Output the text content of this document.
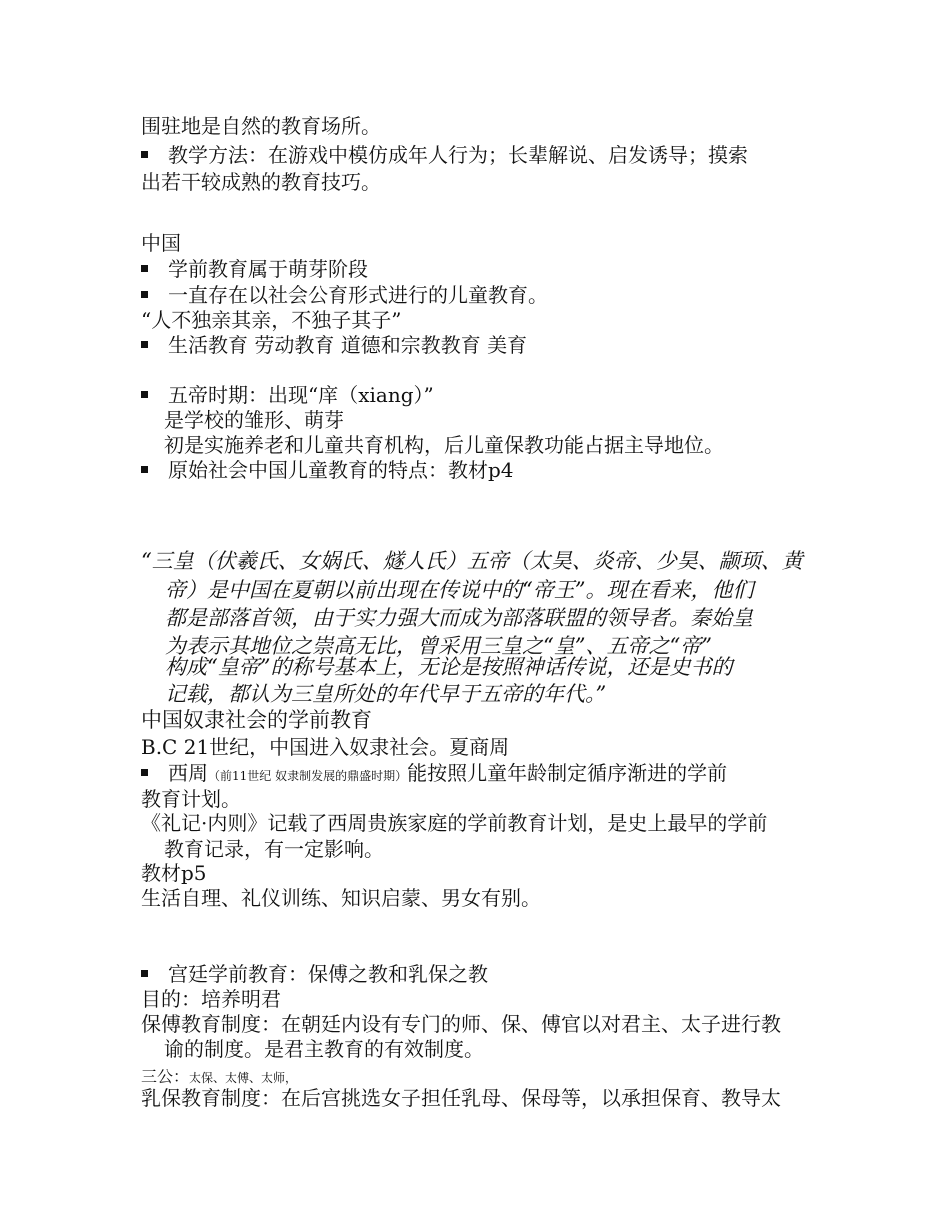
围驻地是自然的教育场所。
教学方法：在游戏中模仿成年人行为；长辈解说、启发诱导；摸索
出若干较成熟的教育技巧。
中国
学前教育属于萌芽阶段
一直存在以社会公育形式进行的儿童教育。
“人不独亲其亲，不独子其子”
生活教育 劳动教育 道德和宗教教育 美育
五帝时期：出现“庠（xiang）”
是学校的雏形、萌芽
初是实施养老和儿童共育机构，后儿童保教功能占据主导地位。
原始社会中国儿童教育的特点：教材p4
“三皇（伏羲氏、女娲氏、燧人氏）五帝（太昊、炎帝、少昊、颛顼、黄
帝）是中国在夏朝以前出现在传说中的“帝王”。现在看来，他们
都是部落首领，由于实力强大而成为部落联盟的领导者。秦始皇
为表示其地位之崇高无比，曾采用三皇之“皇”、五帝之“帝”
构成“皇帝”的称号基本上，无论是按照神话传说，还是史书的
记载，都认为三皇所处的年代早于五帝的年代。”
中国奴隶社会的学前教育
B.C 21世纪，中国进入奴隶社会。夏商周
西周（前11世纪 奴隶制发展的鼎盛时期）能按照儿童年龄制定循序渐进的学前
教育计划。
《礼记·内则》记载了西周贵族家庭的学前教育计划，是史上最早的学前
教育记录，有一定影响。
教材p5
生活自理、礼仪训练、知识启蒙、男女有别。
宫廷学前教育：保傅之教和乳保之教
目的：培养明君
保傅教育制度：在朝廷内设有专门的师、保、傅官以对君主、太子进行教
谕的制度。是君主教育的有效制度。
三公：太保、太傅、太师，
乳保教育制度：在后宫挑选女子担任乳母、保母等，以承担保育、教导太
